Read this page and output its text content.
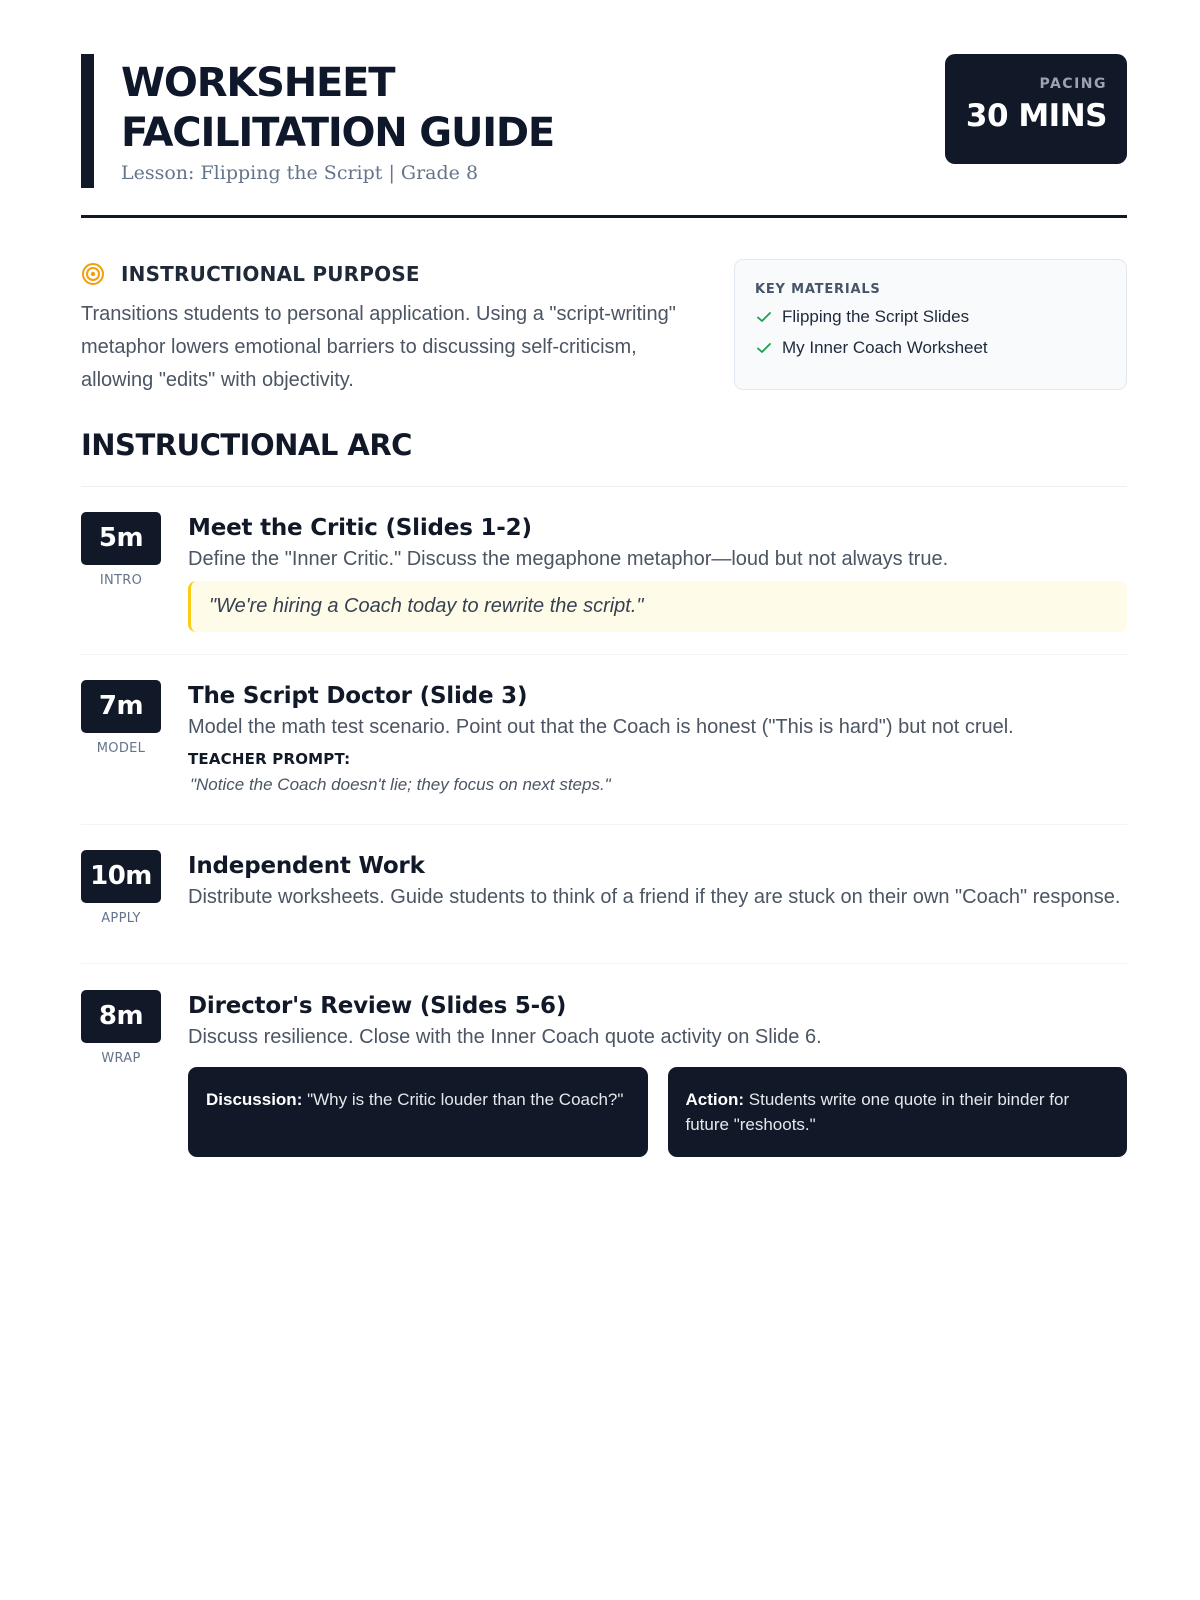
WORKSHEET
FACILITATION GUIDE
Lesson: Flipping the Script | Grade 8
PACING
30 MINS
INSTRUCTIONAL PURPOSE

Transitions students to personal application. Using a "script-writing" metaphor lowers emotional barriers to discussing self-criticism, allowing "edits" with objectivity.

KEY MATERIALS
Flipping the Script Slides
My Inner Coach Worksheet
INSTRUCTIONAL ARC
5m
INTRO
Meet the Critic (Slides 1-2)
Define the "Inner Critic." Discuss the megaphone metaphor—loud but not always true.
"We're hiring a Coach today to rewrite the script."
7m
MODEL
The Script Doctor (Slide 3)
Model the math test scenario. Point out that the Coach is honest ("This is hard") but not cruel.
TEACHER PROMPT:
"Notice the Coach doesn't lie; they focus on next steps."
10m
APPLY
Independent Work
Distribute worksheets. Guide students to think of a friend if they are stuck on their own "Coach" response.
8m
WRAP
Director's Review (Slides 5-6)
Discuss resilience. Close with the Inner Coach quote activity on Slide 6.
Discussion: "Why is the Critic louder than the Coach?"	Action: Students write one quote in their binder for future "reshoots."
